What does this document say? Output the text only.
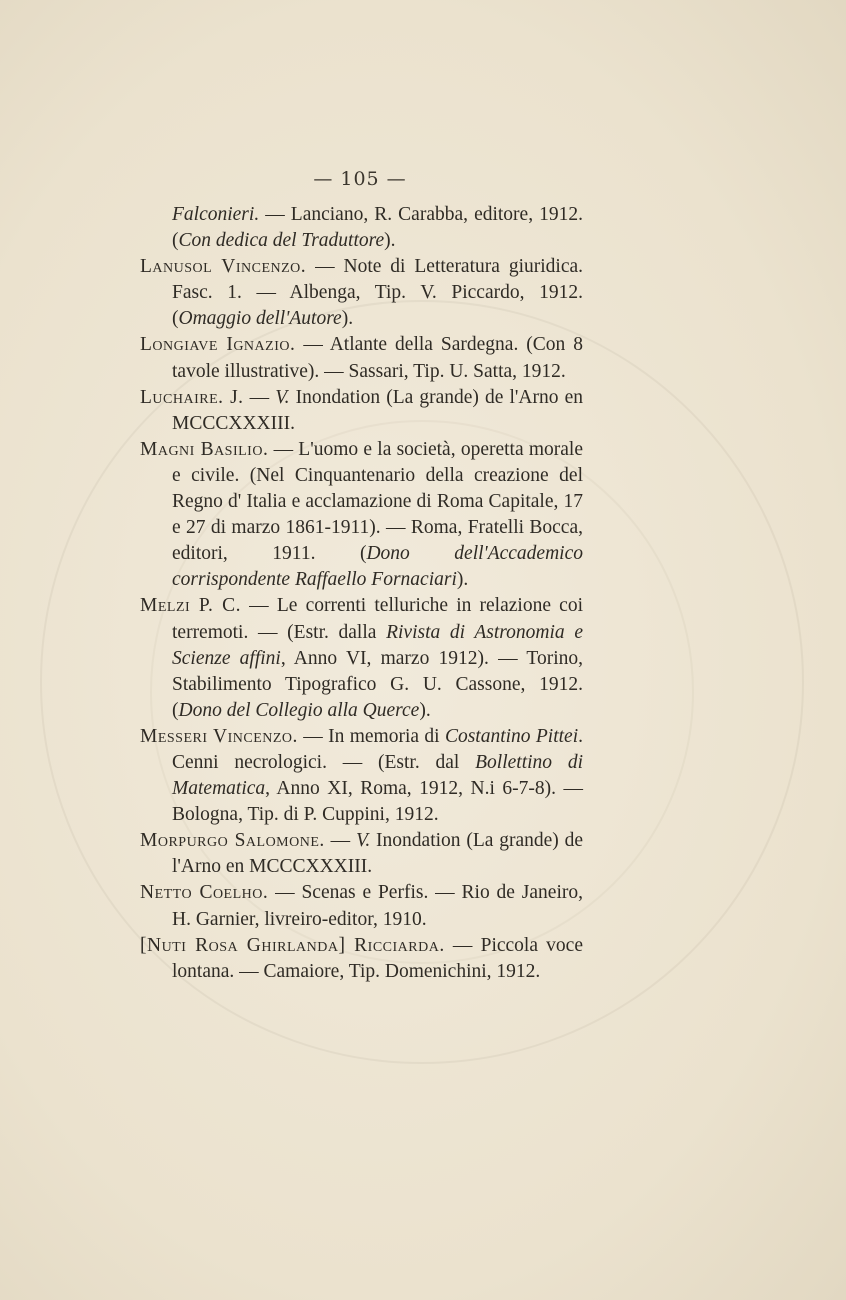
— 105 —
Falconieri. — Lanciano, R. Carabba, editore, 1912. (Con dedica del Traduttore).
Lanusol Vincenzo. — Note di Letteratura giuridica. Fasc. 1. — Albenga, Tip. V. Piccardo, 1912. (Omaggio dell'Autore).
Longiave Ignazio. — Atlante della Sardegna. (Con 8 tavole illustrative). — Sassari, Tip. U. Satta, 1912.
Luchaire. J. — V. Inondation (La grande) de l'Arno en MCCCXXXIII.
Magni Basilio. — L'uomo e la società, operetta morale e civile. (Nel Cinquantenario della creazione del Regno d' Italia e acclamazione di Roma Capitale, 17 e 27 di marzo 1861-1911). — Roma, Fratelli Bocca, editori, 1911. (Dono dell'Accademico corrispondente Raffaello Fornaciari).
Melzi P. C. — Le correnti telluriche in relazione coi terremoti. — (Estr. dalla Rivista di Astronomia e Scienze affini, Anno VI, marzo 1912). — Torino, Stabilimento Tipografico G. U. Cassone, 1912. (Dono del Collegio alla Querce).
Messeri Vincenzo. — In memoria di Costantino Pittei. Cenni necrologici. — (Estr. dal Bollettino di Matematica, Anno XI, Roma, 1912, N.i 6-7-8). — Bologna, Tip. di P. Cuppini, 1912.
Morpurgo Salomone. — V. Inondation (La grande) de l'Arno en MCCCXXXIII.
Netto Coelho. — Scenas e Perfis. — Rio de Janeiro, H. Garnier, livreiro-editor, 1910.
[Nuti Rosa Ghirlanda] Ricciarda. — Piccola voce lontana. — Camaiore, Tip. Domenichini, 1912.
